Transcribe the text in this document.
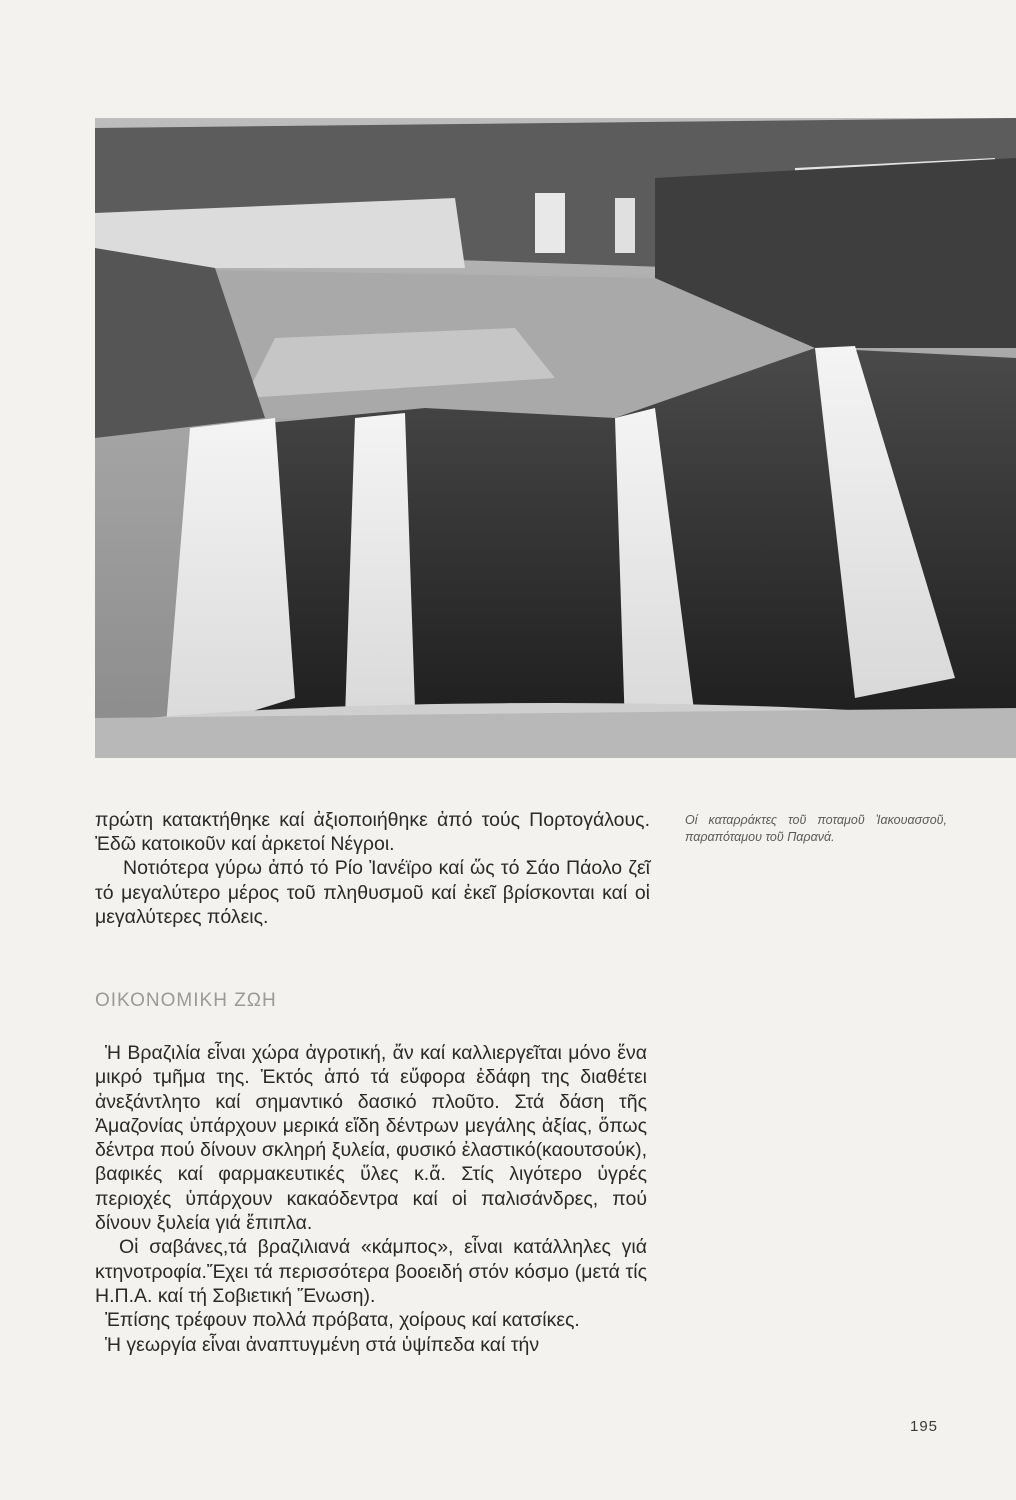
πρώτη κατακτήθηκε καί ἀξιοποιήθηκε ἀπό τούς Πορτογάλους. Ἐδῶ κατοικοῦν καί ἀρκετοί Νέγροι.

Νοτιότερα γύρω ἀπό τό Ρίο Ἰανέϊρο καί ὥς τό Σάο Πάολο ζεῖ τό μεγαλύτερο μέρος τοῦ πληθυσμοῦ καί ἐκεῖ βρίσκονται καί οἱ μεγαλύτερες πόλεις.

Οί καταρράκτες τοῦ ποταμοῦ Ἰακουασσοῦ, παραπόταμου τοῦ Παρανά.

ΟΙΚΟΝΟΜΙΚΗ ΖΩΗ

Ἡ Βραζιλία εἶναι χώρα ἀγροτική, ἄν καί καλλιεργεῖται μόνο ἕνα μικρό τμῆμα της. Ἐκτός ἀπό τά εὔφορα ἐδάφη της διαθέτει ἀνεξάντλητο καί σημαντικό δασικό πλοῦτο. Στά δάση τῆς Ἀμαζονίας ὑπάρχουν μερικά εἴδη δέντρων μεγάλης ἀξίας, ὅπως δέντρα πού δίνουν σκληρή ξυλεία, φυσικό ἐλαστικό(καουτσούκ), βαφικές καί φαρμακευτικές ὕλες κ.ἄ. Στίς λιγότερο ὑγρές περιοχές ὑπάρχουν κακαόδεντρα καί οἱ παλισάνδρες, πού δίνουν ξυλεία γιά ἔπιπλα.

Οἱ σαβάνες,τά βραζιλιανά «κάμπος», εἶναι κατάλληλες γιά κτηνοτροφία.Ἔχει τά περισσότερα βοοειδή στόν κόσμο (μετά τίς Η.Π.Α. καί τή Σοβιετική Ἕνωση).

Ἐπίσης τρέφουν πολλά πρόβατα, χοίρους καί κατσίκες.

Ἡ γεωργία εἶναι ἀναπτυγμένη στά ὑψίπεδα καί τήν

195
